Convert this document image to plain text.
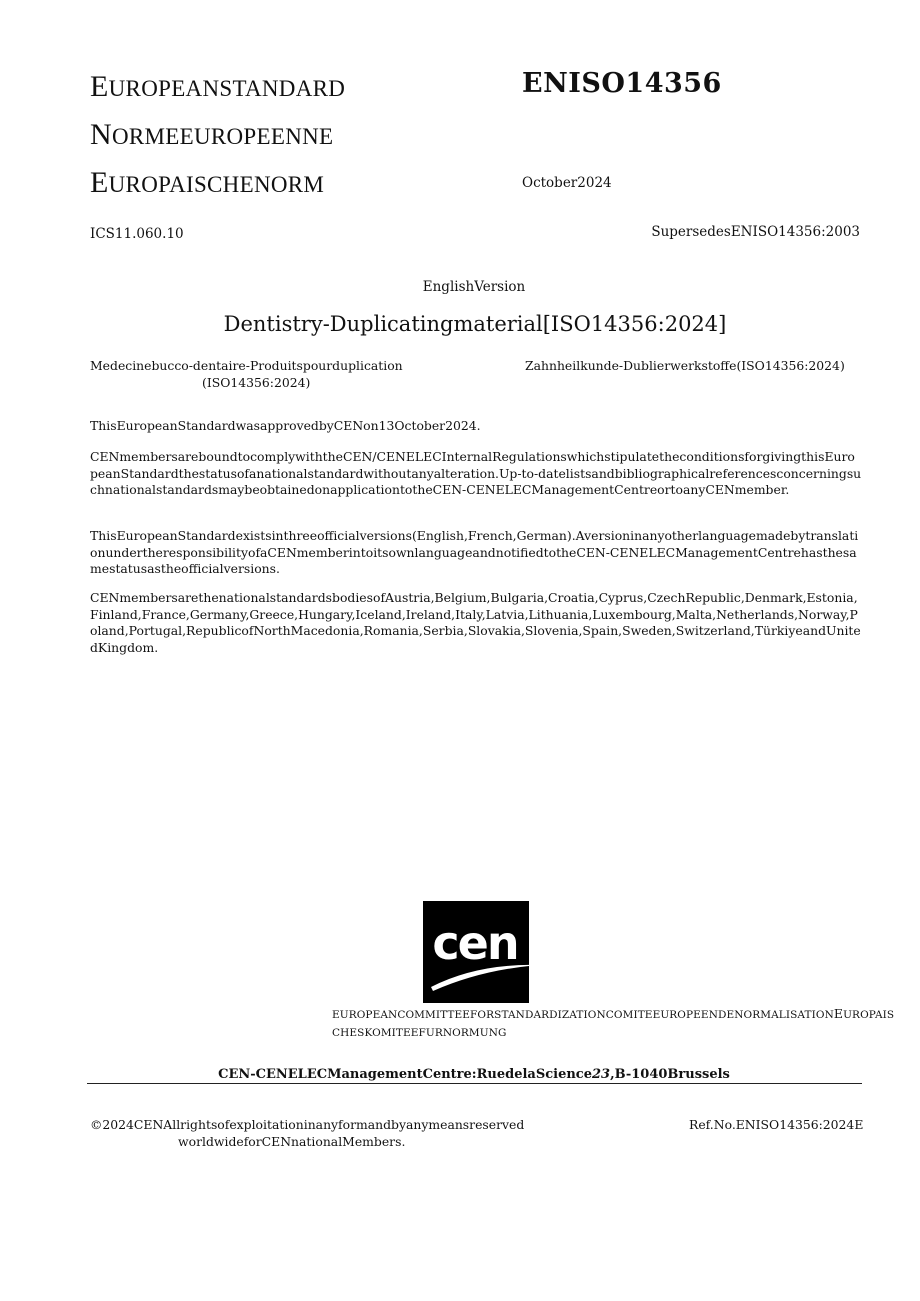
EUROPEANSTANDARD
NORMEEUROPEENNE
EUROPAISCHENORM
ENISO14356
October2024
ICS11.060.10	SupersedesENISO14356:2003
EnglishVersion
Dentistry-Duplicatingmaterial[ISO14356:2024]
Medecinebucco-dentaire-Produitspourduplication
(ISO14356:2024)
Zahnheilkunde-Dublierwerkstoffe(ISO14356:2024)
ThisEuropeanStandardwasapprovedbyCENon13October2024.
CENmembersareboundtocomplywiththeCEN/CENELECInternalRegulationswhichstipulatetheconditionsforgivingthisEuropeanStandardthestatusofanationalstandardwithoutanyalteration.Up-to-datelistsandbibliographicalreferencesconcerningsuchnationalstandardsmaybeobtainedonapplicationtotheCEN-CENELECManagementCentreortoanyCENmember.
ThisEuropeanStandardexistsinthreeofficialversions(English,French,German).AversioninanyotherlanguagemadebytranslationundertheresponsibilityofaCENmemberintoitsownlanguageandnotifiedtotheCEN-CENELECManagementCentrehasthesamestatusastheofficialversions.
CENmembersarethenationalstandardsbodiesofAustria,Belgium,Bulgaria,Croatia,Cyprus,CzechRepublic,Denmark,Estonia,Finland,France,Germany,Greece,Hungary,Iceland,Ireland,Italy,Latvia,Lithuania,Luxembourg,Malta,Netherlands,Norway,Poland,Portugal,RepublicofNorthMacedonia,Romania,Serbia,Slovakia,Slovenia,Spain,Sweden,Switzerland,TürkiyeandUnitedKingdom.
cen
EUROPEANCOMMITTEEFORSTANDARDIZATIONCOMITEEUROPEENDENORMALISATIONEUROPAIS
CHESKOMITEEFURNORMUNG
CEN-CENELECManagementCentre:RuedelaScience23,B-1040Brussels
©2024CENAllrightsofexploitationinanyformandbyanymeansreserved
worldwideforCENnationalMembers.
Ref.No.ENISO14356:2024E
